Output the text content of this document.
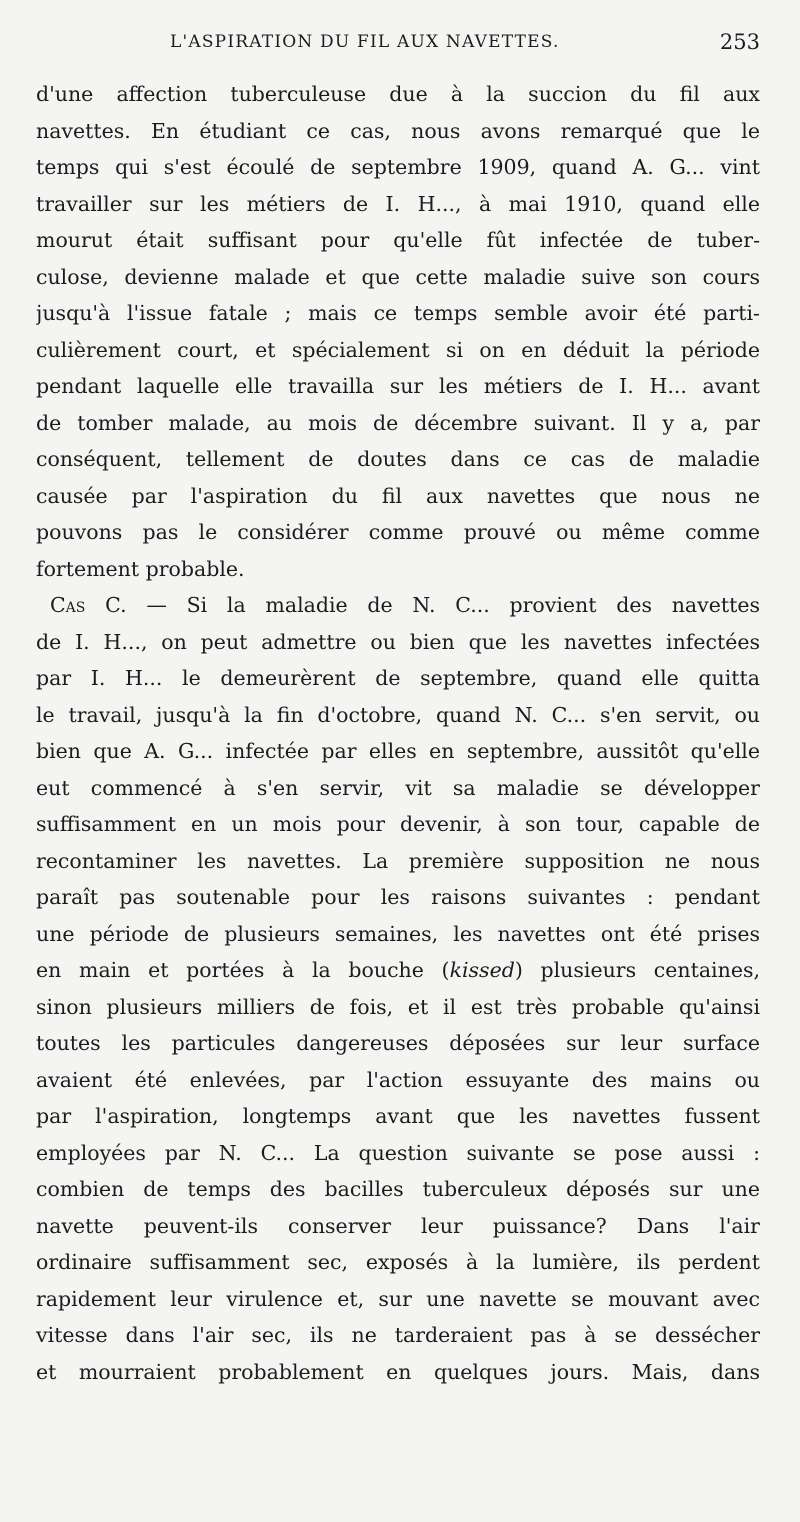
L'ASPIRATION DU FIL AUX NAVETTES.	253
d'une affection tuberculeuse due à la succion du fil aux
navettes. En étudiant ce cas, nous avons remarqué que le
temps qui s'est écoulé de septembre 1909, quand A. G... vint
travailler sur les métiers de I. H..., à mai 1910, quand elle
mourut était suffisant pour qu'elle fût infectée de tuber-
culose, devienne malade et que cette maladie suive son cours
jusqu'à l'issue fatale ; mais ce temps semble avoir été parti-
culièrement court, et spécialement si on en déduit la période
pendant laquelle elle travailla sur les métiers de I. H... avant
de tomber malade, au mois de décembre suivant. Il y a, par
conséquent, tellement de doutes dans ce cas de maladie
causée par l'aspiration du fil aux navettes que nous ne
pouvons pas le considérer comme prouvé ou même comme
fortement probable.
Cas C. — Si la maladie de N. C... provient des navettes
de I. H..., on peut admettre ou bien que les navettes infectées
par I. H... le demeurèrent de septembre, quand elle quitta
le travail, jusqu'à la fin d'octobre, quand N. C... s'en servit, ou
bien que A. G... infectée par elles en septembre, aussitôt qu'elle
eut commencé à s'en servir, vit sa maladie se développer
suffisamment en un mois pour devenir, à son tour, capable de
recontaminer les navettes. La première supposition ne nous
paraît pas soutenable pour les raisons suivantes : pendant
une période de plusieurs semaines, les navettes ont été prises
en main et portées à la bouche (kissed) plusieurs centaines,
sinon plusieurs milliers de fois, et il est très probable qu'ainsi
toutes les particules dangereuses déposées sur leur surface
avaient été enlevées, par l'action essuyante des mains ou
par l'aspiration, longtemps avant que les navettes fussent
employées par N. C... La question suivante se pose aussi :
combien de temps des bacilles tuberculeux déposés sur une
navette peuvent-ils conserver leur puissance? Dans l'air
ordinaire suffisamment sec, exposés à la lumière, ils perdent
rapidement leur virulence et, sur une navette se mouvant avec
vitesse dans l'air sec, ils ne tarderaient pas à se dessécher
et mourraient probablement en quelques jours. Mais, dans
